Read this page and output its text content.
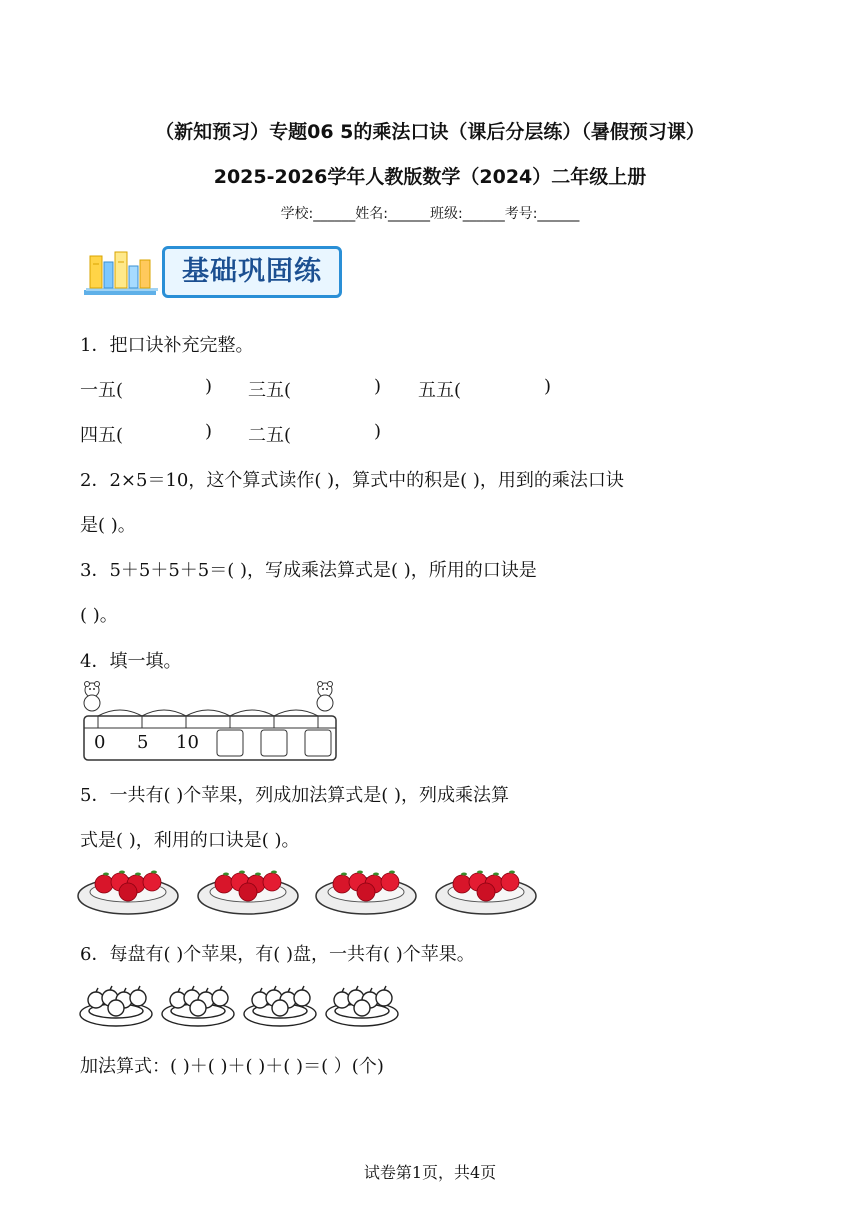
（新知预习）专题06 5的乘法口诀（课后分层练）（暑假预习课）
2025-2026学年人教版数学（2024）二年级上册
学校:______姓名:______班级:______考号:______
基础巩固练
1．把口诀补充完整。
一五(	) 三五(	) 五五(	)
四五(	) 二五(	)
2．2×5＝10，这个算式读作( )，算式中的积是( )，用到的乘法口诀
是( )。
3．5＋5＋5＋5＝( )，写成乘法算式是( )，所用的口诀是
( )。
4．填一填。
0 5 10
5．一共有( )个苹果，列成加法算式是( )，列成乘法算
式是( )，利用的口诀是( )。
6．每盘有( )个苹果，有( )盘，一共有( )个苹果。
加法算式：( )＋( )＋( )＋( )＝( ）(个)
试卷第1页，共4页
